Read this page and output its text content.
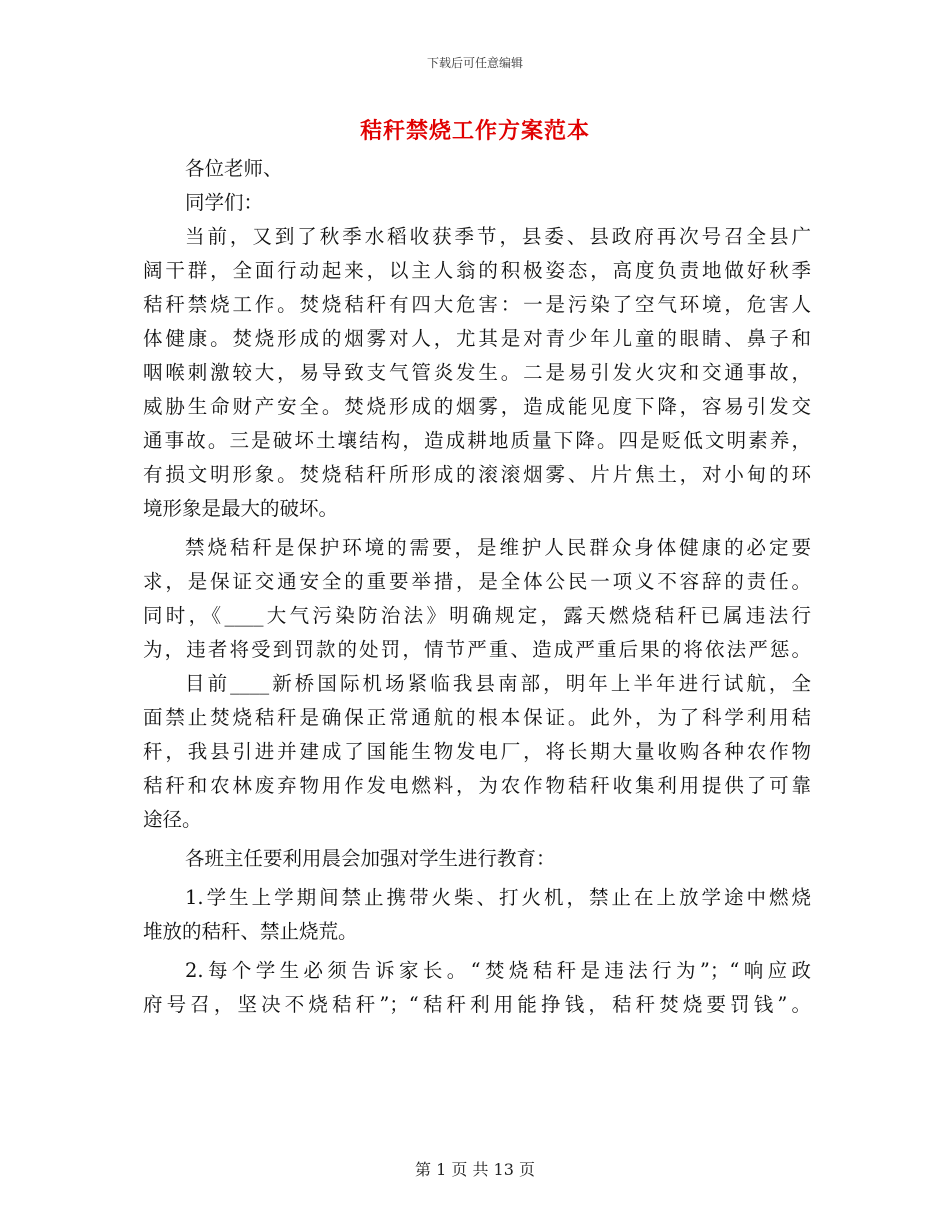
下载后可任意编辑
秸秆禁烧工作方案范本
各位老师、
同学们：
当前，又到了秋季水稻收获季节，县委、县政府再次号召全县广
阔干群，全面行动起来，以主人翁的积极姿态，高度负责地做好秋季
秸秆禁烧工作。焚烧秸秆有四大危害：一是污染了空气环境，危害人
体健康。焚烧形成的烟雾对人，尤其是对青少年儿童的眼睛、鼻子和
咽喉刺激较大，易导致支气管炎发生。二是易引发火灾和交通事故，
威胁生命财产安全。焚烧形成的烟雾，造成能见度下降，容易引发交
通事故。三是破坏土壤结构，造成耕地质量下降。四是贬低文明素养，
有损文明形象。焚烧秸秆所形成的滚滚烟雾、片片焦土，对小甸的环
境形象是最大的破坏。
禁烧秸秆是保护环境的需要，是维护人民群众身体健康的必定要
求，是保证交通安全的重要举措，是全体公民一项义不容辞的责任。
同时，《____大气污染防治法》明确规定，露天燃烧秸秆已属违法行
为，违者将受到罚款的处罚，情节严重、造成严重后果的将依法严惩。
目前____新桥国际机场紧临我县南部，明年上半年进行试航，全
面禁止焚烧秸秆是确保正常通航的根本保证。此外，为了科学利用秸
秆，我县引进并建成了国能生物发电厂，将长期大量收购各种农作物
秸秆和农林废弃物用作发电燃料，为农作物秸秆收集利用提供了可靠
途径。
各班主任要利用晨会加强对学生进行教育：
1.学生上学期间禁止携带火柴、打火机，禁止在上放学途中燃烧
堆放的秸秆、禁止烧荒。
2.每个学生必须告诉家长。“焚烧秸秆是违法行为”；“响应政
府号召，坚决不烧秸秆”；“秸秆利用能挣钱，秸秆焚烧要罚钱”。
第 1 页 共 13 页
